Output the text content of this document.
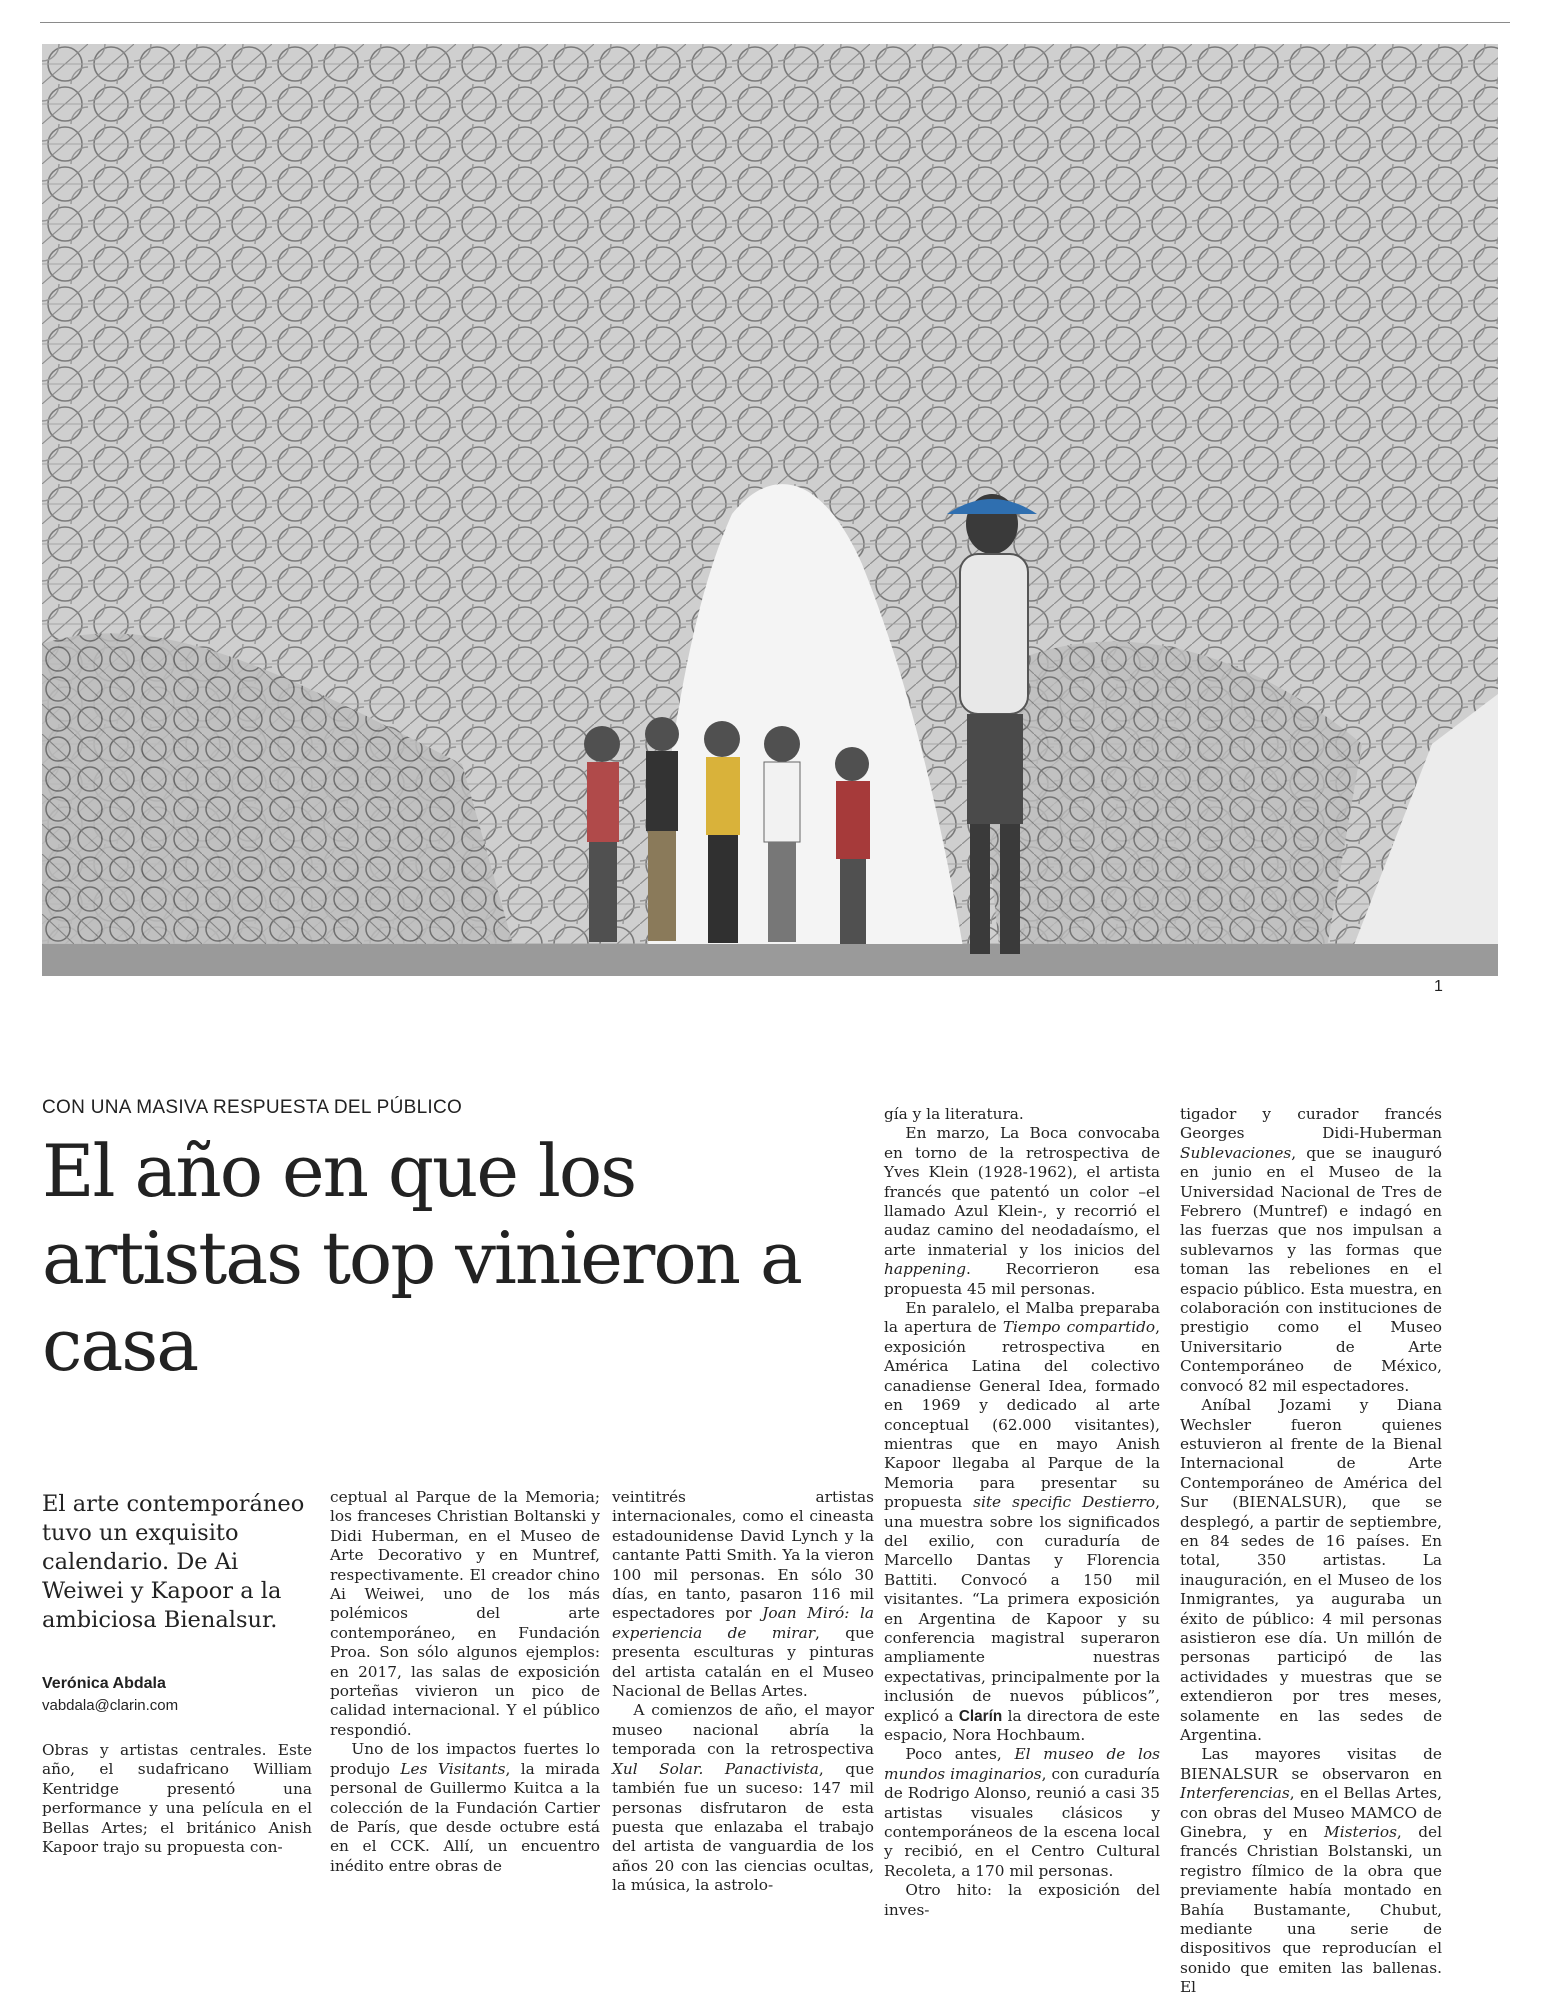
1
CON UNA MASIVA RESPUESTA DEL PÚBLICO
El año en que los artistas top vinieron a casa

El arte contemporáneo tuvo un exquisito calendario. De Ai Weiwei y Kapoor a la ambiciosa Bienalsur.

Verónica Abdala
vabdala@clarin.com

Obras y artistas centrales. Este año, el sudafricano William Kentridge presentó una performance y una película en el Bellas Artes; el británico Anish Kapoor trajo su propuesta con-

ceptual al Parque de la Memoria; los franceses Christian Boltanski y Didi Huberman, en el Museo de Arte Decorativo y en Muntref, respectivamente. El creador chino Ai Weiwei, uno de los más polémicos del arte contemporáneo, en Fundación Proa. Son sólo algunos ejemplos: en 2017, las salas de exposición porteñas vivieron un pico de calidad internacional. Y el público respondió.

Uno de los impactos fuertes lo produjo Les Visitants, la mirada personal de Guillermo Kuitca a la colección de la Fundación Cartier de París, que desde octubre está en el CCK. Allí, un encuentro inédito entre obras de

veintitrés artistas internacionales, como el cineasta estadounidense David Lynch y la cantante Patti Smith. Ya la vieron 100 mil personas. En sólo 30 días, en tanto, pasaron 116 mil espectadores por Joan Miró: la experiencia de mirar, que presenta esculturas y pinturas del artista catalán en el Museo Nacional de Bellas Artes.

A comienzos de año, el mayor museo nacional abría la temporada con la retrospectiva Xul Solar. Panactivista, que también fue un suceso: 147 mil personas disfrutaron de esta puesta que enlazaba el trabajo del artista de vanguardia de los años 20 con las ciencias ocultas, la música, la astrolo-

gía y la literatura.

En marzo, La Boca convocaba en torno de la retrospectiva de Yves Klein (1928-1962), el artista francés que patentó un color –el llamado Azul Klein-, y recorrió el audaz camino del neodadaísmo, el arte inmaterial y los inicios del happening. Recorrieron esa propuesta 45 mil personas.

En paralelo, el Malba preparaba la apertura de Tiempo compartido, exposición retrospectiva en América Latina del colectivo canadiense General Idea, formado en 1969 y dedicado al arte conceptual (62.000 visitantes), mientras que en mayo Anish Kapoor llegaba al Parque de la Memoria para presentar su propuesta site specific Destierro, una muestra sobre los significados del exilio, con curaduría de Marcello Dantas y Florencia Battiti. Convocó a 150 mil visitantes. “La primera exposición en Argentina de Kapoor y su conferencia magistral superaron ampliamente nuestras expectativas, principalmente por la inclusión de nuevos públicos”, explicó a Clarín la directora de este espacio, Nora Hochbaum.

Poco antes, El museo de los mundos imaginarios, con curaduría de Rodrigo Alonso, reunió a casi 35 artistas visuales clásicos y contemporáneos de la escena local y recibió, en el Centro Cultural Recoleta, a 170 mil personas.

Otro hito: la exposición del inves-

tigador y curador francés Georges Didi-Huberman Sublevaciones, que se inauguró en junio en el Museo de la Universidad Nacional de Tres de Febrero (Muntref) e indagó en las fuerzas que nos impulsan a sublevarnos y las formas que toman las rebeliones en el espacio público. Esta muestra, en colaboración con instituciones de prestigio como el Museo Universitario de Arte Contemporáneo de México, convocó 82 mil espectadores.

Aníbal Jozami y Diana Wechsler fueron quienes estuvieron al frente de la Bienal Internacional de Arte Contemporáneo de América del Sur (BIENALSUR), que se desplegó, a partir de septiembre, en 84 sedes de 16 países. En total, 350 artistas. La inauguración, en el Museo de los Inmigrantes, ya auguraba un éxito de público: 4 mil personas asistieron ese día. Un millón de personas participó de las actividades y muestras que se extendieron por tres meses, solamente en las sedes de Argentina.

Las mayores visitas de BIENALSUR se observaron en Interferencias, en el Bellas Artes, con obras del Museo MAMCO de Ginebra, y en Misterios, del francés Christian Bolstanski, un registro fílmico de la obra que previamente había montado en Bahía Bustamante, Chubut, mediante una serie de dispositivos que reproducían el sonido que emiten las ballenas. El
